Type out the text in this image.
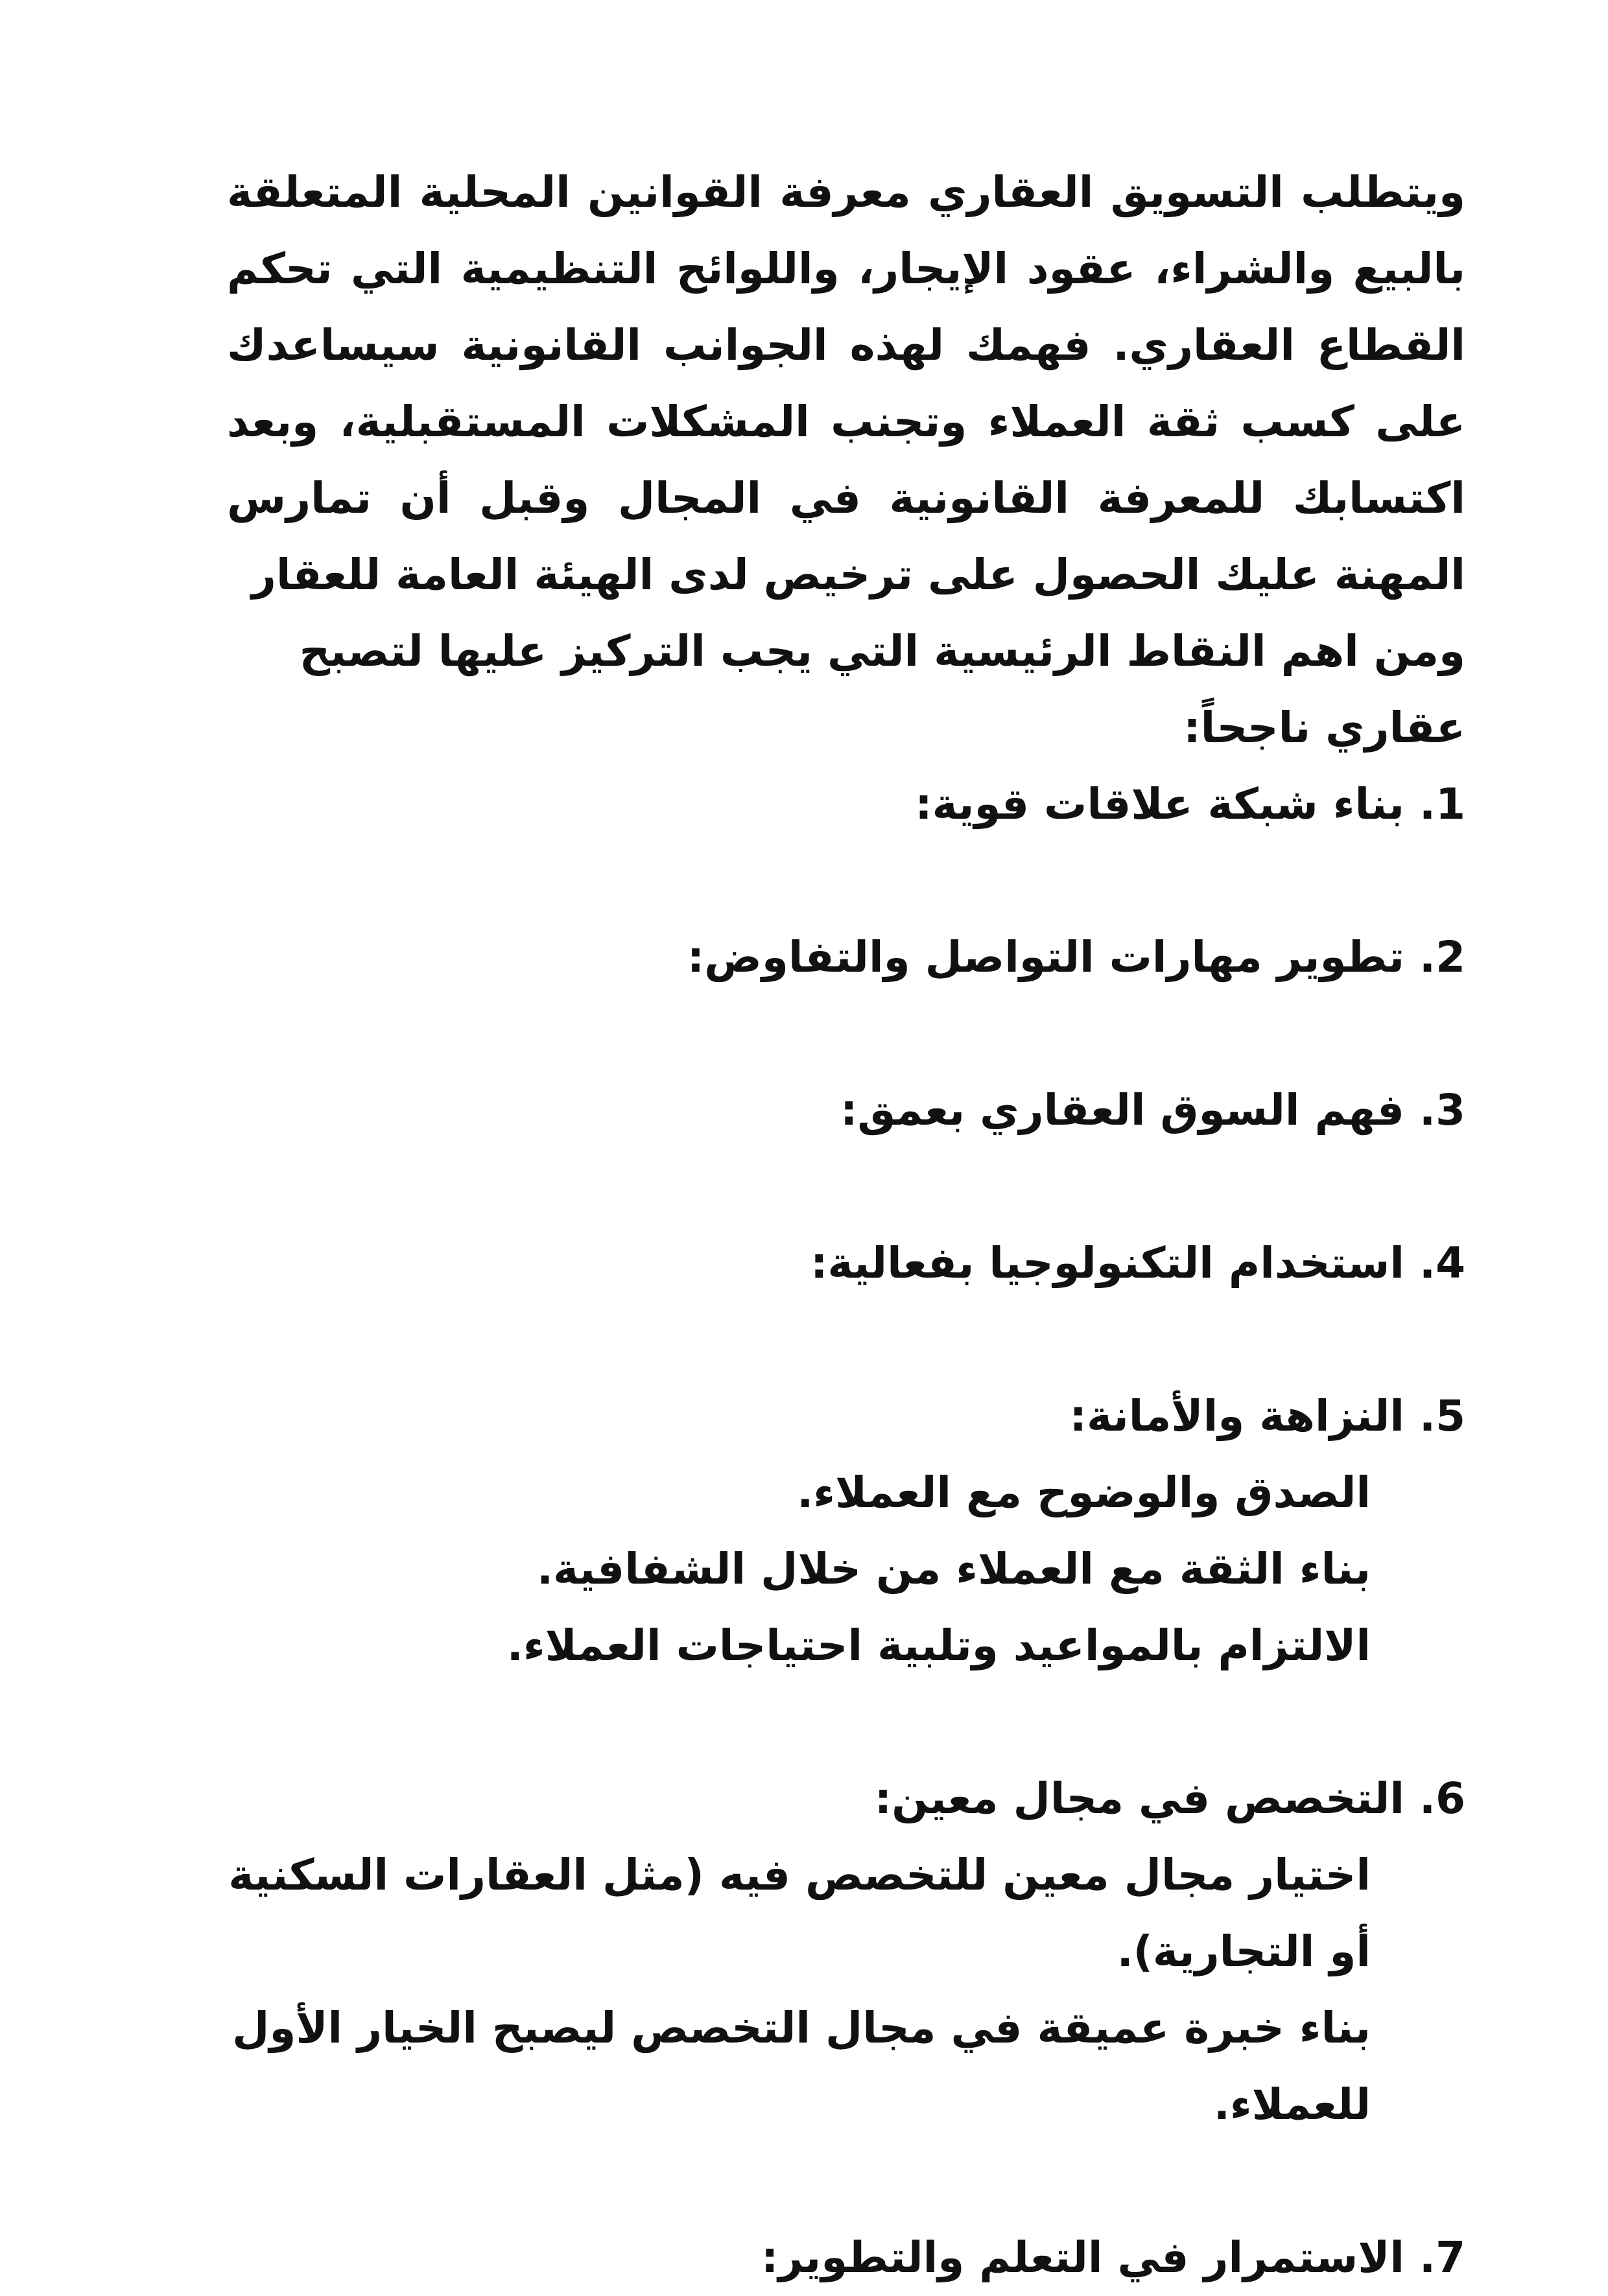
ويتطلب التسويق العقاري معرفة القوانين المحلية المتعلقة بالبيع والشراء، عقود الإيجار، واللوائح التنظيمية التي تحكم القطاع العقاري. فهمك لهذه الجوانب القانونية سيساعدك على كسب ثقة العملاء وتجنب المشكلات المستقبلية، وبعد اكتسابك للمعرفة القانونية في المجال وقبل أن تمارس المهنة عليك الحصول على ترخيص لدى الهيئة العامة للعقار

ومن اهم النقاط الرئيسية التي يجب التركيز عليها لتصبح عقاري ناجحاً:

1. بناء شبكة علاقات قوية:

2. تطوير مهارات التواصل والتفاوض:

3. فهم السوق العقاري بعمق:

4. استخدام التكنولوجيا بفعالية:

5. النزاهة والأمانة:

الصدق والوضوح مع العملاء.

بناء الثقة مع العملاء من خلال الشفافية.

الالتزام بالمواعيد وتلبية احتياجات العملاء.

6. التخصص في مجال معين:

اختيار مجال معين للتخصص فيه (مثل العقارات السكنية أو التجارية).

بناء خبرة عميقة في مجال التخصص ليصبح الخيار الأول للعملاء.

7. الاستمرار في التعلم والتطوير:
